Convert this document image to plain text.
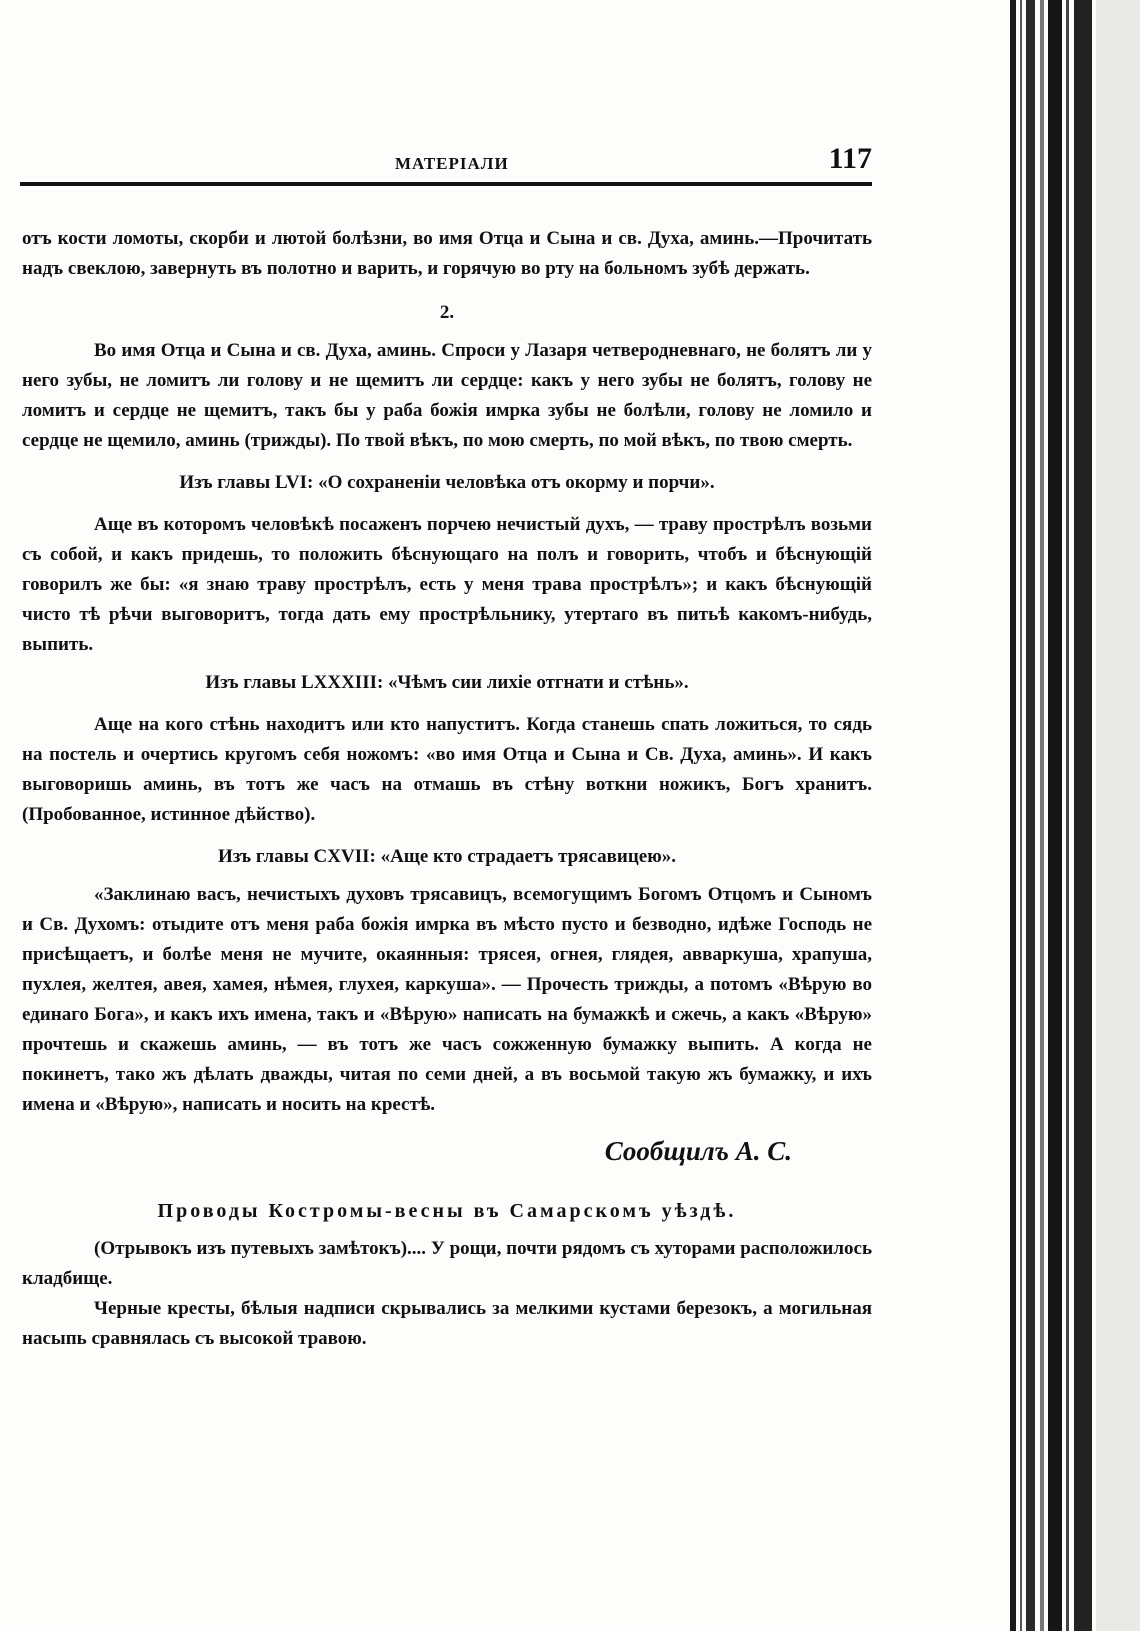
МАТЕРІАЛИ	117

отъ кости ломоты, скорби и лютой болѣзни, во имя Отца и Сына и св. Духа, аминь.—Прочитать надъ свеклою, завернуть въ полотно и варить, и горячую во рту на больномъ зубѣ держать.

2.

Во имя Отца и Сына и св. Духа, аминь. Спроси у Лазаря четверодневнаго, не болятъ ли у него зубы, не ломитъ ли голову и не щемитъ ли сердце: какъ у него зубы не болятъ, голову не ломитъ и сердце не щемитъ, такъ бы у раба божія имрка зубы не болѣли, голову не ломило и сердце не щемило, аминь (трижды). По твой вѣкъ, по мою смерть, по мой вѣкъ, по твою смерть.

Изъ главы LVI: «О сохраненіи человѣка отъ окорму и порчи».

Аще въ которомъ человѣкѣ посаженъ порчею нечистый духъ, — траву прострѣлъ возьми съ собой, и какъ придешь, то положить бѣснующаго на полъ и говорить, чтобъ и бѣснующій говорилъ же бы: «я знаю траву прострѣлъ, есть у меня трава прострѣлъ»; и какъ бѣснующій чисто тѣ рѣчи выговоритъ, тогда дать ему прострѣльнику, утертаго въ питьѣ какомъ-нибудь, выпить.

Изъ главы LXXXIII: «Чѣмъ сии лихіе отгнати и стѣнь».

Аще на кого стѣнь находитъ или кто напуститъ. Когда станешь спать ложиться, то сядь на постель и очертись кругомъ себя ножомъ: «во имя Отца и Сына и Св. Духа, аминь». И какъ выговоришь аминь, въ тотъ же часъ на отмашь въ стѣну воткни ножикъ, Богъ хранитъ. (Пробованное, истинное дѣйство).

Изъ главы CXVII: «Аще кто страдаетъ трясавицею».

«Заклинаю васъ, нечистыхъ духовъ трясавицъ, всемогущимъ Богомъ Отцомъ и Сыномъ и Св. Духомъ: отыдите отъ меня раба божія имрка въ мѣсто пусто и безводно, идѣже Господь не присѣщаетъ, и болѣе меня не мучите, окаянныя: трясея, огнея, глядея, авваркуша, храпуша, пухлея, желтея, авея, хамея, нѣмея, глухея, каркуша». — Прочесть трижды, а потомъ «Вѣрую во единаго Бога», и какъ ихъ имена, такъ и «Вѣрую» написать на бумажкѣ и сжечь, а какъ «Вѣрую» прочтешь и скажешь аминь, — въ тотъ же часъ сожженную бумажку выпить. А когда не покинетъ, тако жъ дѣлать дважды, читая по семи дней, а въ восьмой такую жъ бумажку, и ихъ имена и «Вѣрую», написать и носить на крестѣ.

Сообщилъ А. С.

Проводы Костромы-весны въ Самарскомъ уѣздѣ.

(Отрывокъ изъ путевыхъ замѣтокъ).... У рощи, почти рядомъ съ хуторами расположилось кладбище.

Черные кресты, бѣлыя надписи скрывались за мелкими кустами березокъ, а могильная насыпь сравнялась съ высокой травою.
